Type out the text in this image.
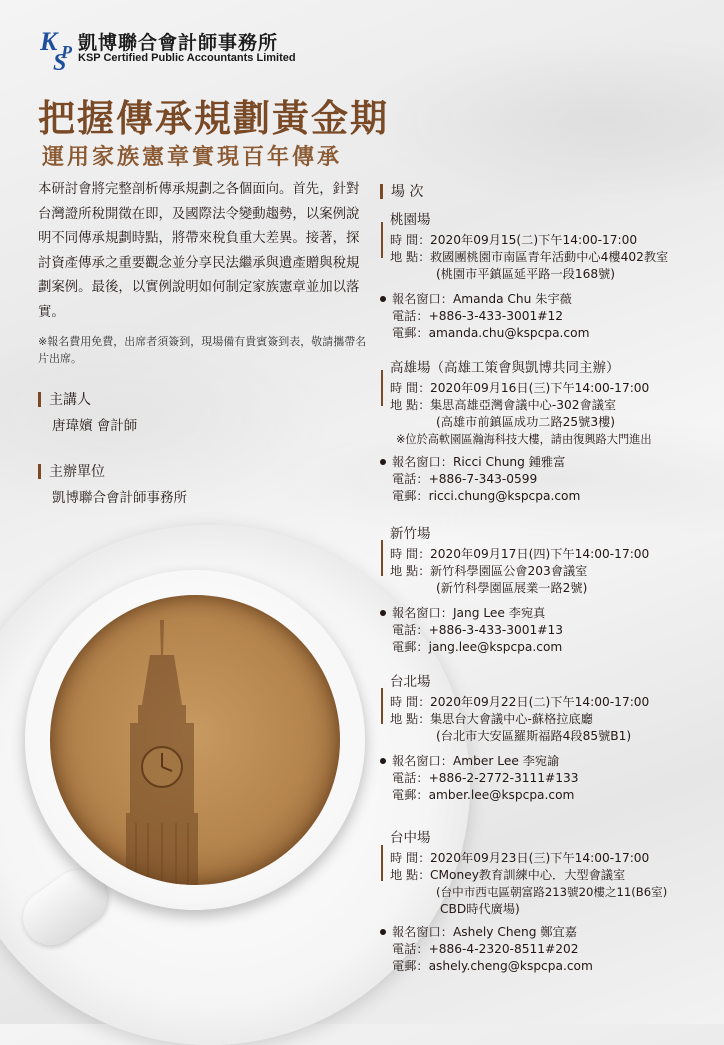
K
S
P 凱博聯合會計師事務所
KSP Certified Public Accountants Limited
把握傳承規劃黃金期
運用家族憲章實現百年傳承
本研討會將完整剖析傳承規劃之各個面向。首先，針對台灣證所稅開徵在即，及國際法令變動趨勢，以案例說明不同傳承規劃時點，將帶來稅負重大差異。接著，探討資產傳承之重要觀念並分享民法繼承與遺產贈與稅規劃案例。最後，以實例說明如何制定家族憲章並加以落實。
※報名費用免費，出席者須簽到，現場備有貴賓簽到表，敬請攜帶名片出席。
主講人
唐瑋嬪 會計師
主辦單位
凱博聯合會計師事務所
場 次
桃園場
時 間： 2020年09月15(二)下午14:00-17:00
地 點： 救國團桃園市南區青年活動中心4樓402教室
(桃園市平鎮區延平路一段168號)
報名窗口：Amanda Chu 朱宇薇
電話：+886-3-433-3001#12
電郵：amanda.chu@kspcpa.com
高雄場（高雄工策會與凱博共同主辦）
時 間： 2020年09月16日(三)下午14:00-17:00
地 點： 集思高雄亞灣會議中心-302會議室
(高雄市前鎮區成功二路25號3樓)
※位於高軟園區瀚海科技大樓，請由復興路大門進出
報名窗口：Ricci Chung 鍾雅富
電話：+886-7-343-0599
電郵：ricci.chung@kspcpa.com
新竹場
時 間： 2020年09月17日(四)下午14:00-17:00
地 點： 新竹科學園區公會203會議室
(新竹科學園區展業一路2號)
報名窗口：Jang Lee 李宛真
電話：+886-3-433-3001#13
電郵：jang.lee@kspcpa.com
台北場
時 間： 2020年09月22日(二)下午14:00-17:00
地 點： 集思台大會議中心-蘇格拉底廳
(台北市大安區羅斯福路4段85號B1)
報名窗口：Amber Lee 李宛諭
電話：+886-2-2772-3111#133
電郵：amber.lee@kspcpa.com
台中場
時 間： 2020年09月23日(三)下午14:00-17:00
地 點： CMoney教育訓練中心．大型會議室
(台中市西屯區朝富路213號20樓之11(B6室)
CBD時代廣場)
報名窗口：Ashely Cheng 鄭宜嘉
電話：+886-4-2320-8511#202
電郵：ashely.cheng@kspcpa.com
